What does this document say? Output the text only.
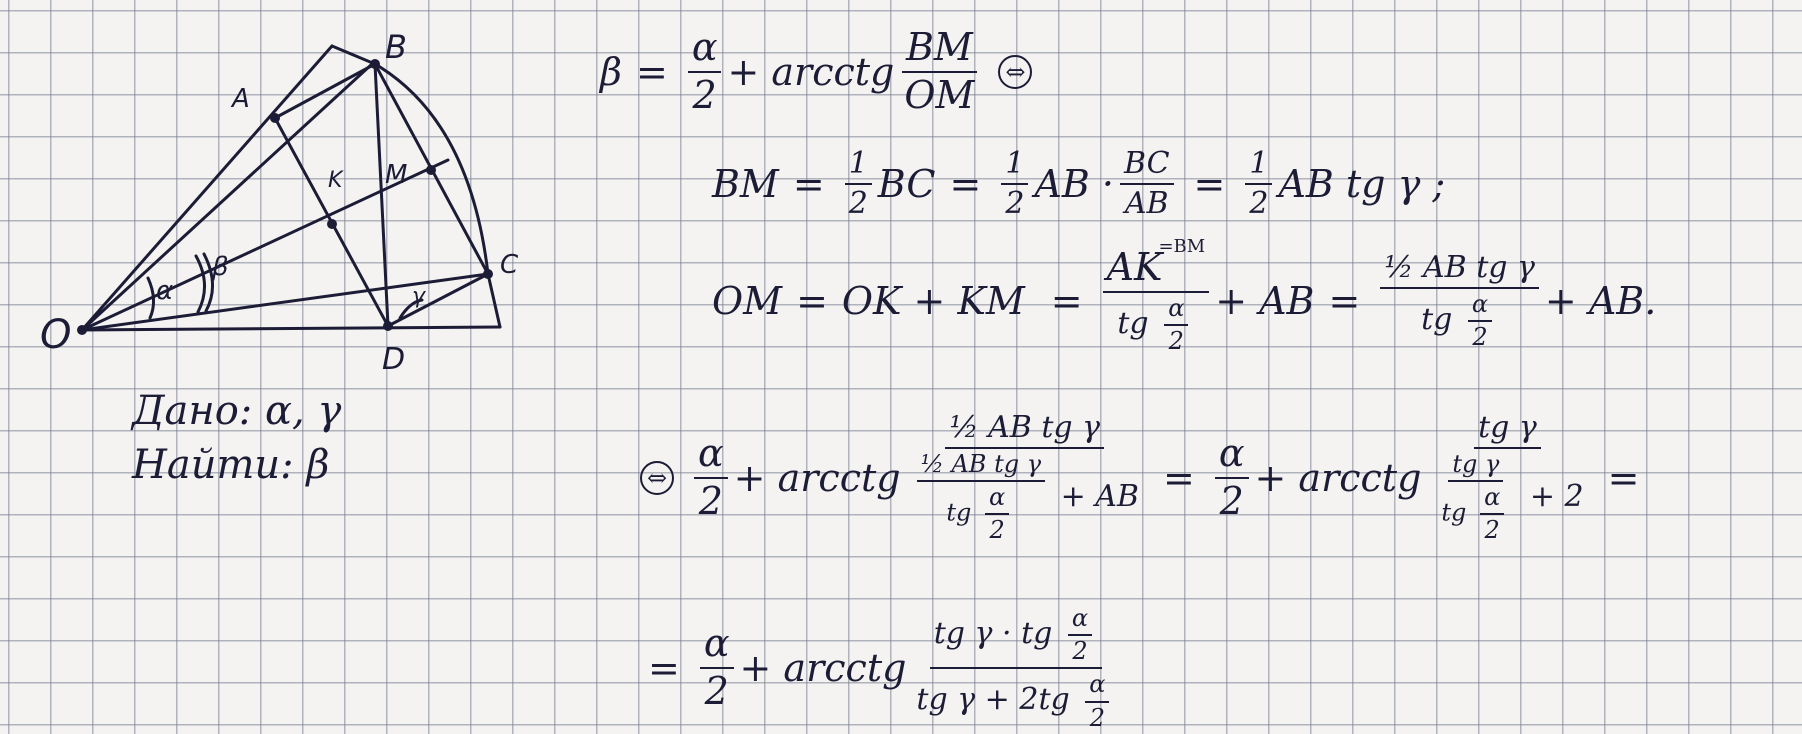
O
A
B
C
D
K M
α
β
γ
Дано: α, γ
Найти: β
$\beta = \frac{\alpha}{2}$ + arcctg $\frac{BM}{OM}$ ⇔
BM = $\frac{1}{2}$ BC = $\frac{1}{2}$ AB · $\frac{BC}{AB} = \frac{1}{2}$ AB tg γ ;
OM = OK + KM = $\frac{AK^{=BM}}{tg \frac{\alpha}{2}}$ + AB = $\frac{\text{½ AB tg γ}}{tg \frac{\alpha}{2}}$ + AB.
⇔ $\frac{\alpha}{2}$ + arcctg $\frac{\text{½ AB tg γ}}{\frac{\text{½ AB tg γ}}{tg \frac{\alpha}{2}} + AB} = \frac{\alpha}{2}$ + arcctg $\frac{\text{tg γ}}{\frac{\text{tg γ}}{tg \frac{\alpha}{2}} + 2}$ =
= $\frac{\alpha}{2}$ + arcctg $\frac{tg \gamma \cdot tg \frac{\alpha}{2}}{tg \gamma + 2tg \frac{\alpha}{2}}$
